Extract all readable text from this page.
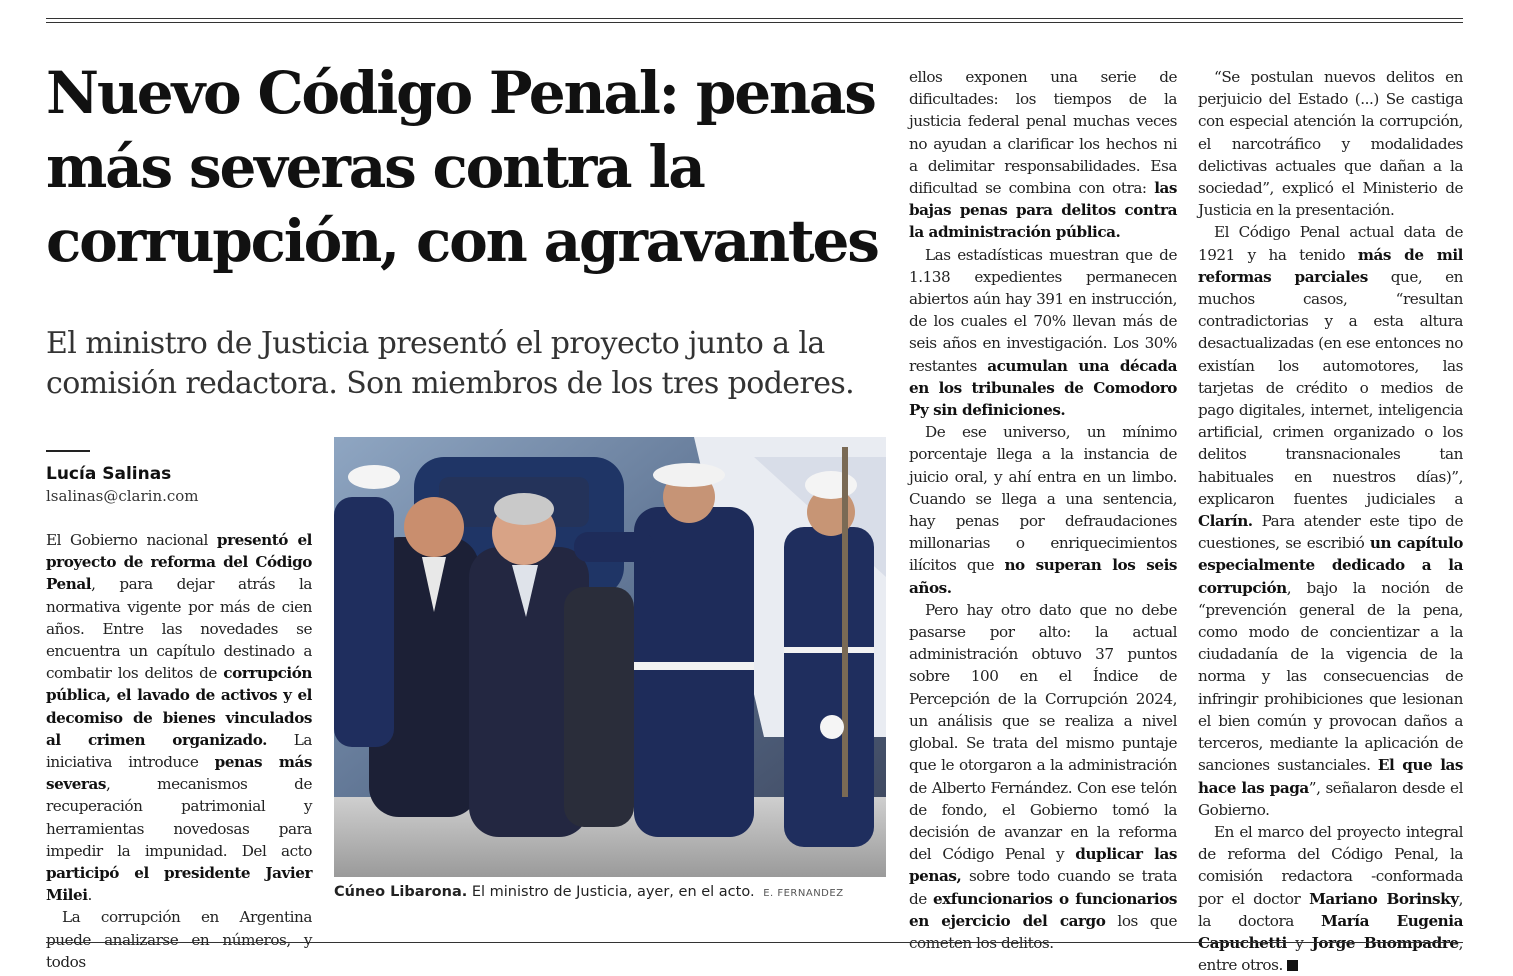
Nuevo Código Penal: penas más severas contra la corrupción, con agravantes

El ministro de Justicia presentó el proyecto junto a la comisión redactora. Son miembros de los tres poderes.

Lucía Salinas
lsalinas@clarin.com

El Gobierno nacional presentó el proyecto de reforma del Código Penal, para dejar atrás la normativa vigente por más de cien años. Entre las novedades se encuentra un capítulo destinado a combatir los delitos de corrupción pública, el lavado de activos y el decomiso de bienes vinculados al crimen organizado. La iniciativa introduce penas más severas, mecanismos de recuperación patrimonial y herramientas novedosas para impedir la impunidad. Del acto participó el presidente Javier Milei.

La corrupción en Argentina puede analizarse en números, y todos

Cúneo Libarona. El ministro de Justicia, ayer, en el acto. E. FERNANDEZ

ellos exponen una serie de dificultades: los tiempos de la justicia federal penal muchas veces no ayudan a clarificar los hechos ni a delimitar responsabilidades. Esa dificultad se combina con otra: las bajas penas para delitos contra la administración pública.

Las estadísticas muestran que de 1.138 expedientes permanecen abiertos aún hay 391 en instrucción, de los cuales el 70% llevan más de seis años en investigación. Los 30% restantes acumulan una década en los tribunales de Comodoro Py sin definiciones.

De ese universo, un mínimo porcentaje llega a la instancia de juicio oral, y ahí entra en un limbo. Cuando se llega a una sentencia, hay penas por defraudaciones millonarias o enriquecimientos ilícitos que no superan los seis años.

Pero hay otro dato que no debe pasarse por alto: la actual administración obtuvo 37 puntos sobre 100 en el Índice de Percepción de la Corrupción 2024, un análisis que se realiza a nivel global. Se trata del mismo puntaje que le otorgaron a la administración de Alberto Fernández. Con ese telón de fondo, el Gobierno tomó la decisión de avanzar en la reforma del Código Penal y duplicar las penas, sobre todo cuando se trata de exfuncionarios o funcionarios en ejercicio del cargo los que cometen los delitos.

“Se postulan nuevos delitos en perjuicio del Estado (...) Se castiga con especial atención la corrupción, el narcotráfico y modalidades delictivas actuales que dañan a la sociedad”, explicó el Ministerio de Justicia en la presentación.

El Código Penal actual data de 1921 y ha tenido más de mil reformas parciales que, en muchos casos, “resultan contradictorias y a esta altura desactualizadas (en ese entonces no existían los automotores, las tarjetas de crédito o medios de pago digitales, internet, inteligencia artificial, crimen organizado o los delitos transnacionales tan habituales en nuestros días)”, explicaron fuentes judiciales a Clarín. Para atender este tipo de cuestiones, se escribió un capítulo especialmente dedicado a la corrupción, bajo la noción de “prevención general de la pena, como modo de concientizar a la ciudadanía de la vigencia de la norma y las consecuencias de infringir prohibiciones que lesionan el bien común y provocan daños a terceros, mediante la aplicación de sanciones sustanciales. El que las hace las paga”, señalaron desde el Gobierno.

En el marco del proyecto integral de reforma del Código Penal, la comisión redactora -conformada por el doctor Mariano Borinsky, la doctora María Eugenia Capuchetti y Jorge Buompadre, entre otros.
